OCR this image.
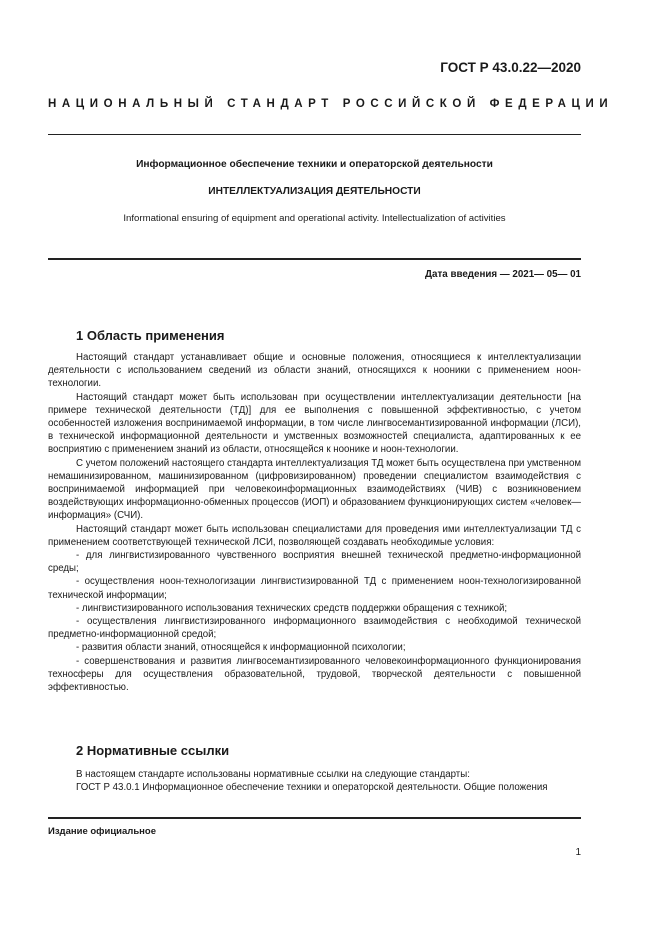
ГОСТ Р 43.0.22—2020
НАЦИОНАЛЬНЫЙ СТАНДАРТ РОССИЙСКОЙ ФЕДЕРАЦИИ
Информационное обеспечение техники и операторской деятельности
ИНТЕЛЛЕКТУАЛИЗАЦИЯ ДЕЯТЕЛЬНОСТИ
Informational ensuring of equipment and operational activity. Intellectualization of activities
Дата введения — 2021— 05— 01
1 Область применения

Настоящий стандарт устанавливает общие и основные положения, относящиеся к интеллектуализации деятельности с использованием сведений из области знаний, относящихся к нооники с применением ноон-технологии.

Настоящий стандарт может быть использован при осуществлении интеллектуализации деятельности [на примере технической деятельности (ТД)] для ее выполнения с повышенной эффективностью, с учетом особенностей изложения воспринимаемой информации, в том числе лингвосемантизированной информации (ЛСИ), в технической информационной деятельности и умственных возможностей специалиста, адаптированных к ее восприятию с применением знаний из области, относящейся к ноонике и ноон-технологии.

С учетом положений настоящего стандарта интеллектуализация ТД может быть осуществлена при умственном немашинизированном, машинизированном (цифровизированном) проведении специалистом взаимодействия с воспринимаемой информацией при человекоинформационных взаимодействиях (ЧИВ) с возникновением воздействующих информационно-обменных процессов (ИОП) и образованием функционирующих систем «человек—информация» (СЧИ).

Настоящий стандарт может быть использован специалистами для проведения ими интеллектуализации ТД с применением соответствующей технической ЛСИ, позволяющей создавать необходимые условия:

- для лингвистизированного чувственного восприятия внешней технической предметно-информационной среды;

- осуществления ноон-технологизации лингвистизированной ТД с применением ноон-технологизированной технической информации;

- лингвистизированного использования технических средств поддержки обращения с техникой;

- осуществления лингвистизированного информационного взаимодействия с необходимой технической предметно-информационной средой;

- развития области знаний, относящейся к информационной психологии;

- совершенствования и развития лингвосемантизированного человекоинформационного функционирования техносферы для осуществления образовательной, трудовой, творческой деятельности с повышенной эффективностью.

2 Нормативные ссылки

В настоящем стандарте использованы нормативные ссылки на следующие стандарты:

ГОСТ Р 43.0.1 Информационное обеспечение техники и операторской деятельности. Общие положения

Издание официальное
1
